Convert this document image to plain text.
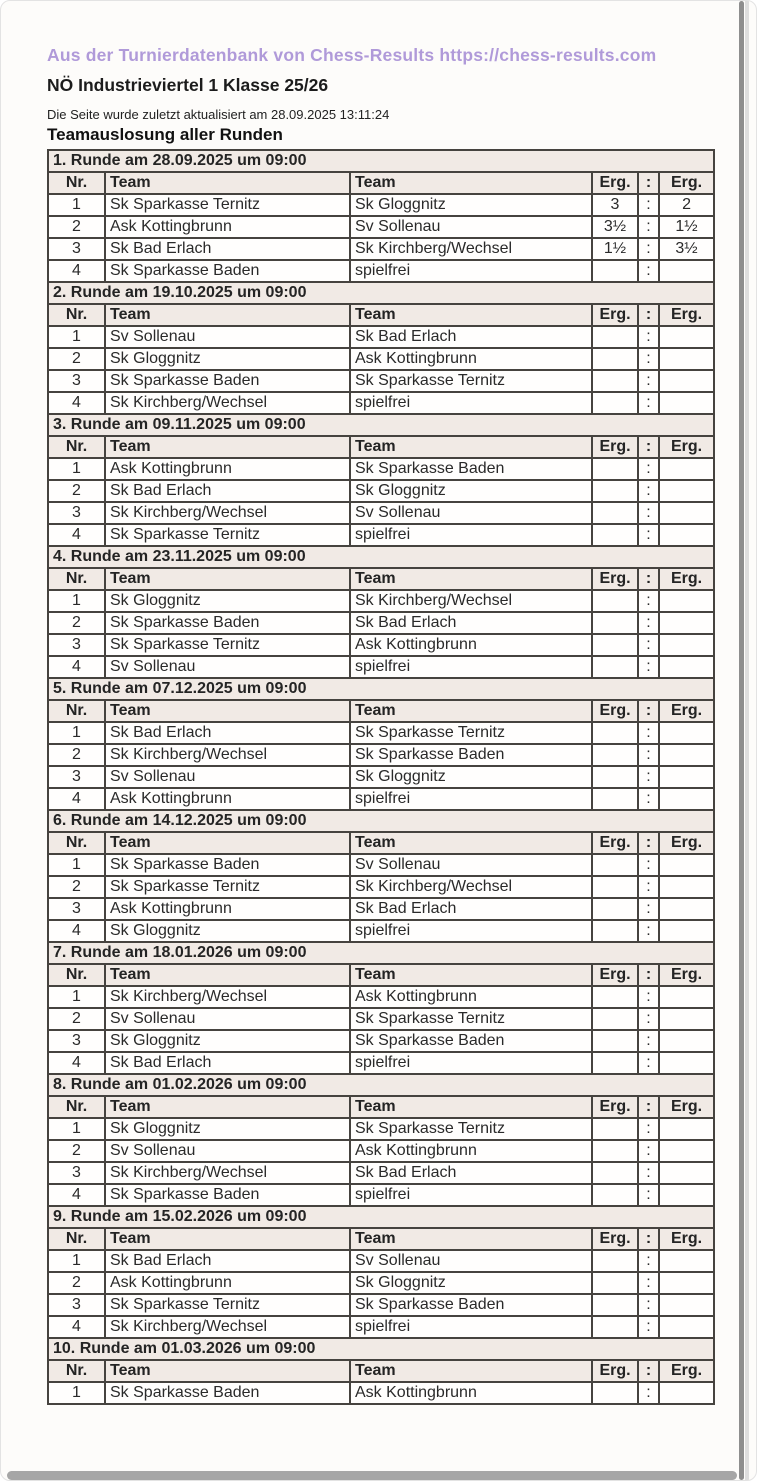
Aus der Turnierdatenbank von Chess-Results https://chess-results.com
NÖ Industrieviertel 1 Klasse 25/26
Die Seite wurde zuletzt aktualisiert am 28.09.2025 13:11:24
Teamauslosung aller Runden
1. Runde am 28.09.2025 um 09:00					
Nr.	Team	Team	Erg.	:	Erg.
1	Sk Sparkasse Ternitz	Sk Gloggnitz	3	:	2
2	Ask Kottingbrunn	Sv Sollenau	3½	:	1½
3	Sk Bad Erlach	Sk Kirchberg/Wechsel	1½	:	3½
4	Sk Sparkasse Baden	spielfrei		:	
2. Runde am 19.10.2025 um 09:00					
Nr.	Team	Team	Erg.	:	Erg.
1	Sv Sollenau	Sk Bad Erlach		:	
2	Sk Gloggnitz	Ask Kottingbrunn		:	
3	Sk Sparkasse Baden	Sk Sparkasse Ternitz		:	
4	Sk Kirchberg/Wechsel	spielfrei		:	
3. Runde am 09.11.2025 um 09:00					
Nr.	Team	Team	Erg.	:	Erg.
1	Ask Kottingbrunn	Sk Sparkasse Baden		:	
2	Sk Bad Erlach	Sk Gloggnitz		:	
3	Sk Kirchberg/Wechsel	Sv Sollenau		:	
4	Sk Sparkasse Ternitz	spielfrei		:	
4. Runde am 23.11.2025 um 09:00					
Nr.	Team	Team	Erg.	:	Erg.
1	Sk Gloggnitz	Sk Kirchberg/Wechsel		:	
2	Sk Sparkasse Baden	Sk Bad Erlach		:	
3	Sk Sparkasse Ternitz	Ask Kottingbrunn		:	
4	Sv Sollenau	spielfrei		:	
5. Runde am 07.12.2025 um 09:00					
Nr.	Team	Team	Erg.	:	Erg.
1	Sk Bad Erlach	Sk Sparkasse Ternitz		:	
2	Sk Kirchberg/Wechsel	Sk Sparkasse Baden		:	
3	Sv Sollenau	Sk Gloggnitz		:	
4	Ask Kottingbrunn	spielfrei		:	
6. Runde am 14.12.2025 um 09:00					
Nr.	Team	Team	Erg.	:	Erg.
1	Sk Sparkasse Baden	Sv Sollenau		:	
2	Sk Sparkasse Ternitz	Sk Kirchberg/Wechsel		:	
3	Ask Kottingbrunn	Sk Bad Erlach		:	
4	Sk Gloggnitz	spielfrei		:	
7. Runde am 18.01.2026 um 09:00					
Nr.	Team	Team	Erg.	:	Erg.
1	Sk Kirchberg/Wechsel	Ask Kottingbrunn		:	
2	Sv Sollenau	Sk Sparkasse Ternitz		:	
3	Sk Gloggnitz	Sk Sparkasse Baden		:	
4	Sk Bad Erlach	spielfrei		:	
8. Runde am 01.02.2026 um 09:00					
Nr.	Team	Team	Erg.	:	Erg.
1	Sk Gloggnitz	Sk Sparkasse Ternitz		:	
2	Sv Sollenau	Ask Kottingbrunn		:	
3	Sk Kirchberg/Wechsel	Sk Bad Erlach		:	
4	Sk Sparkasse Baden	spielfrei		:	
9. Runde am 15.02.2026 um 09:00					
Nr.	Team	Team	Erg.	:	Erg.
1	Sk Bad Erlach	Sv Sollenau		:	
2	Ask Kottingbrunn	Sk Gloggnitz		:	
3	Sk Sparkasse Ternitz	Sk Sparkasse Baden		:	
4	Sk Kirchberg/Wechsel	spielfrei		:	
10. Runde am 01.03.2026 um 09:00					
Nr.	Team	Team	Erg.	:	Erg.
1	Sk Sparkasse Baden	Ask Kottingbrunn		:	
